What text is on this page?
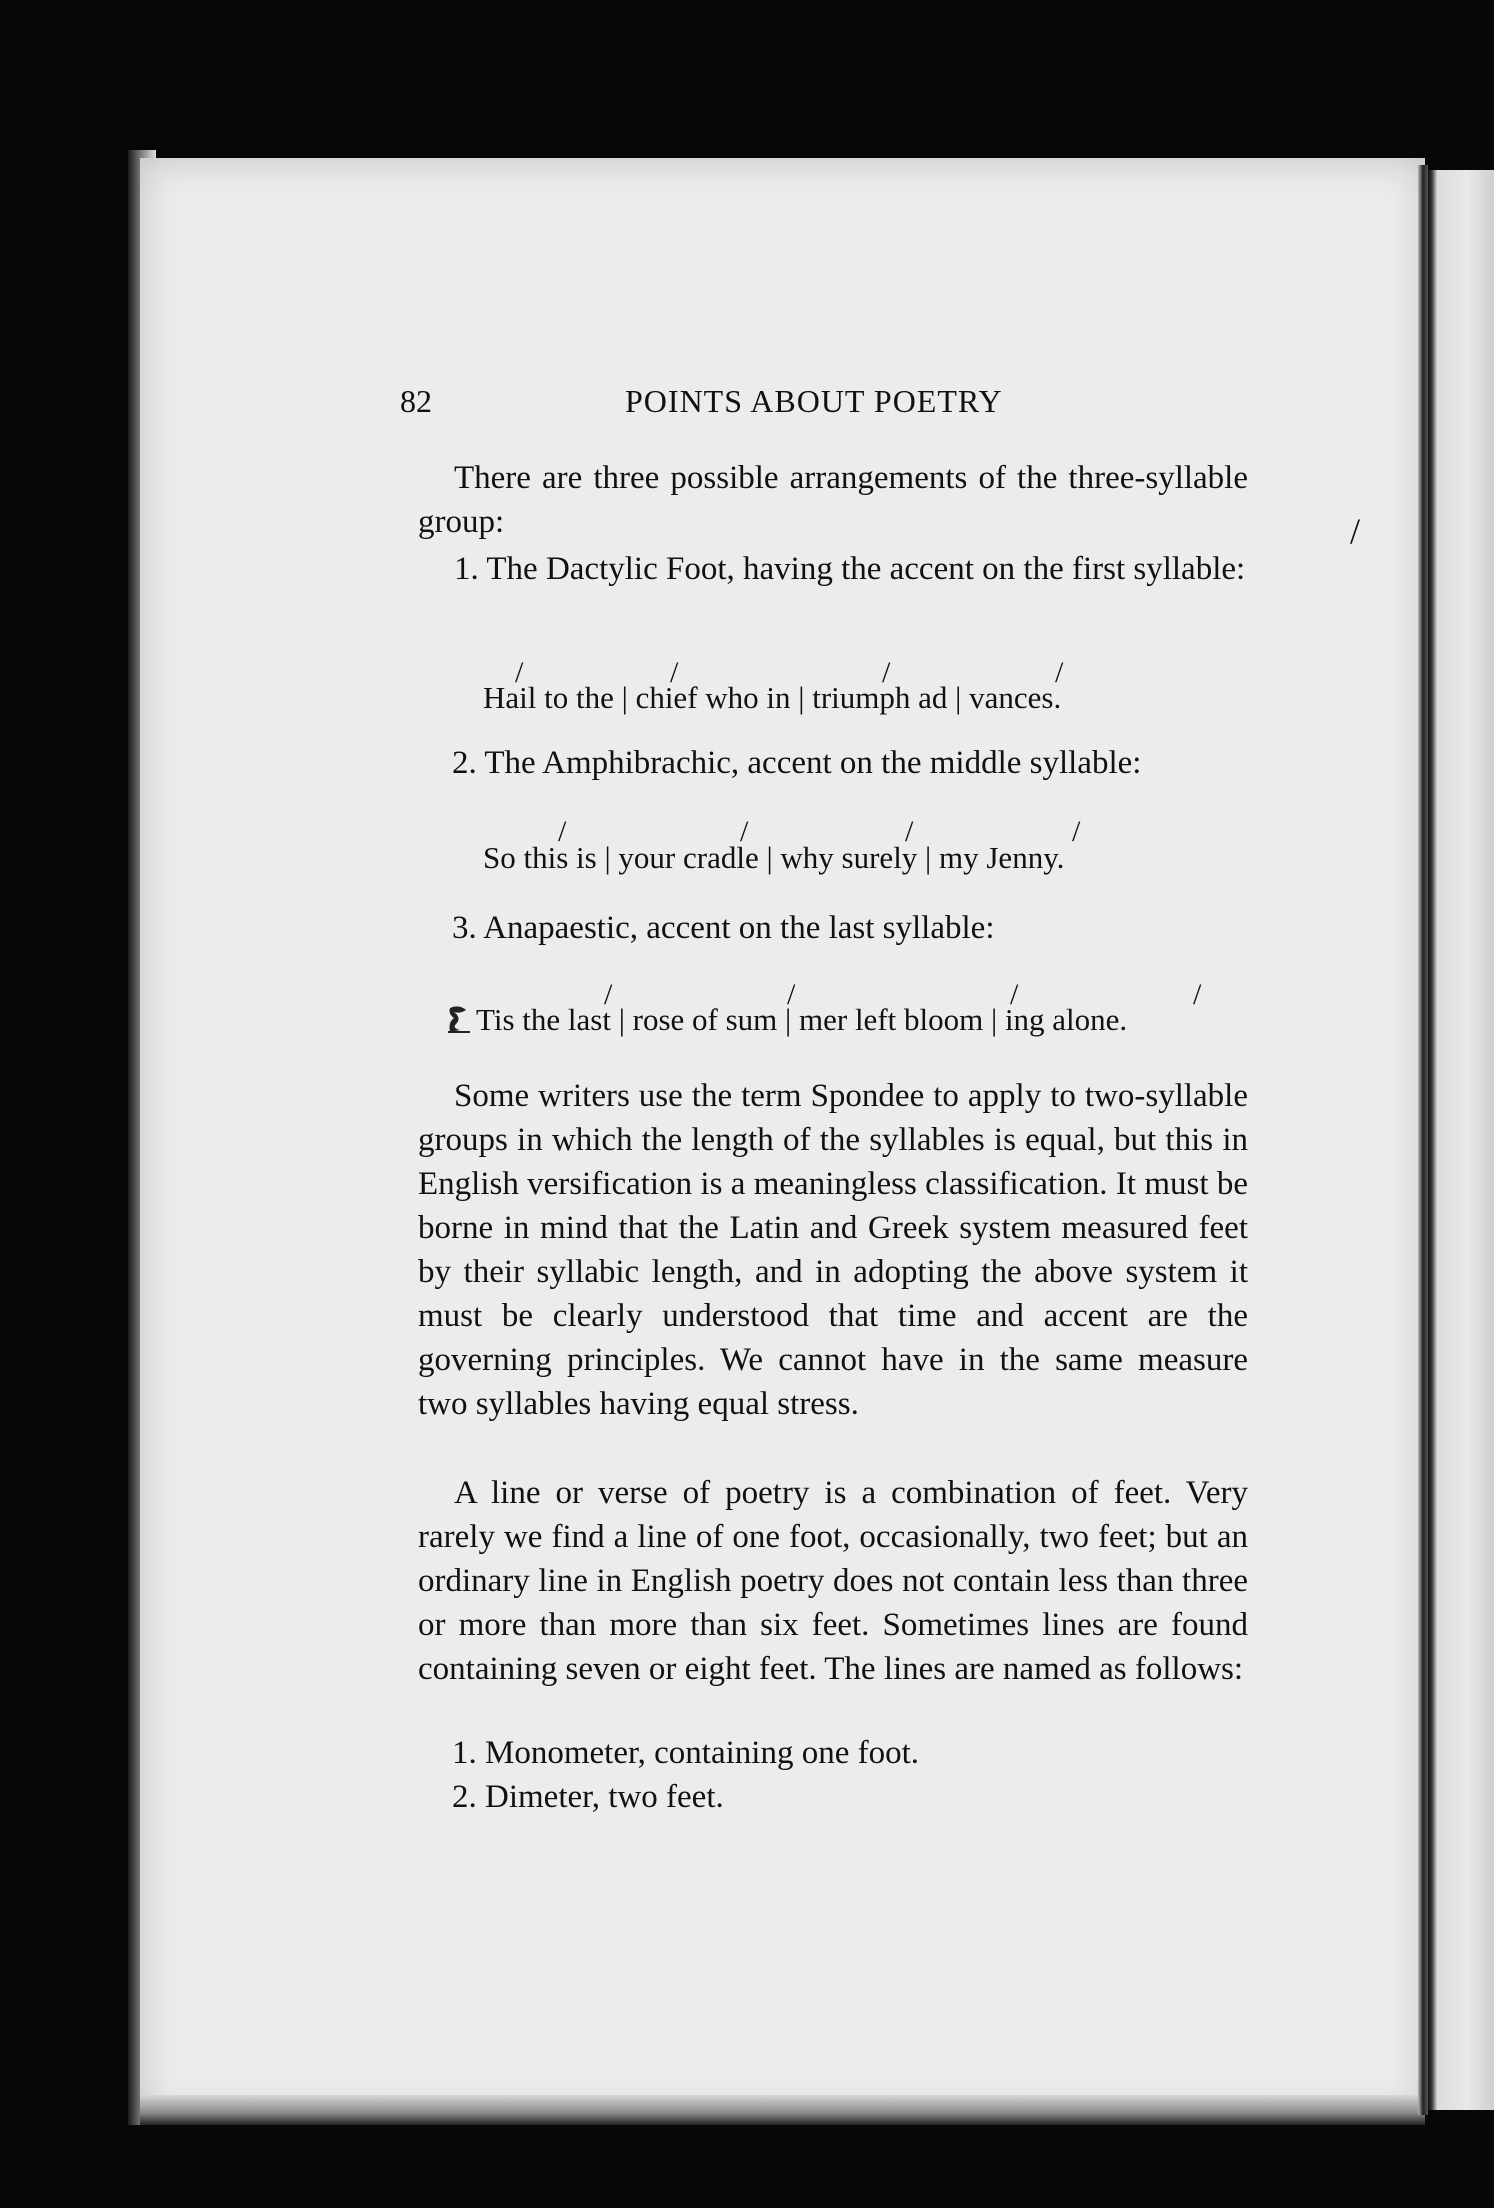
/
82	POINTS ABOUT POETRY

There are three possible arrangements of the three-syllable group:

1. The Dactylic Foot, having the accent on the first syllable:

/	/	/	/
Hail to the | chief who in | triumph ad | vances.
2. The Amphibrachic, accent on the middle syllable:
/	/	/	/
So this is | your cradle | why surely | my Jenny.
3. Anapaestic, accent on the last syllable:
/	/	/	/
Tis the last | rose of sum | mer left bloom | ing alone.

Some writers use the term Spondee to apply to two-syllable groups in which the length of the syllables is equal, but this in English versification is a meaningless classification. It must be borne in mind that the Latin and Greek system measured feet by their syllabic length, and in adopting the above system it must be clearly understood that time and accent are the governing principles. We cannot have in the same measure two syllables having equal stress.

A line or verse of poetry is a combination of feet. Very rarely we find a line of one foot, occasionally, two feet; but an ordinary line in English poetry does not contain less than three or more than more than six feet. Sometimes lines are found containing seven or eight feet. The lines are named as follows:

1. Monometer, containing one foot.
2. Dimeter, two feet.
